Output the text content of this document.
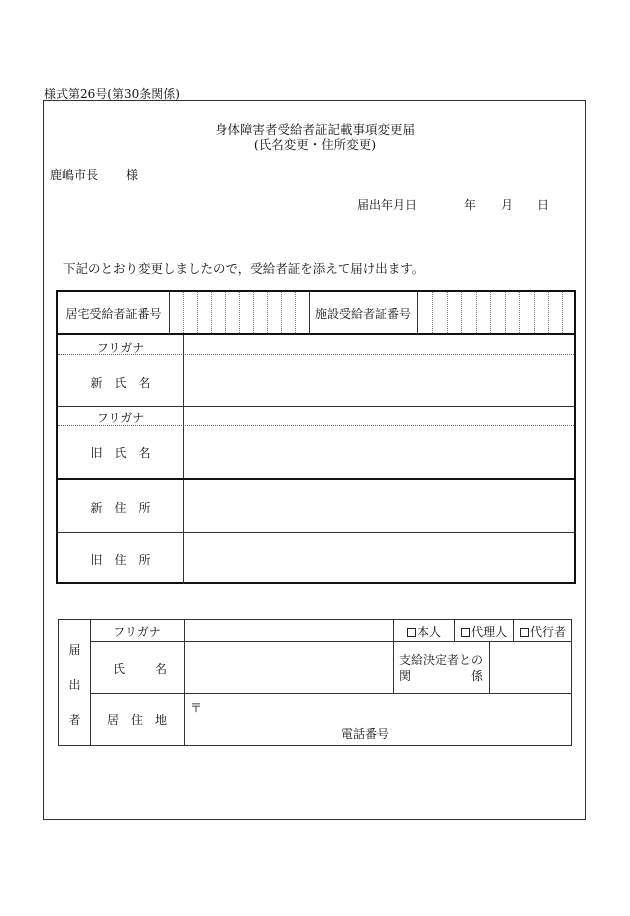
様式第26号(第30条関係)
身体障害者受給者証記載事項変更届
(氏名変更・住所変更)
鹿嶋市長 様
届出年月日	年 月 日
下記のとおり変更しましたので，受給者証を添えて届け出ます。
居宅受給者証番号	施設受給者証番号
フリガナ
新　氏　名
フリガナ
旧　氏　名
新　住　所
旧　住　所
届
出
者
フリガナ
氏 名
居　住　地
本人	代理人	代行者
支給決定者との
関	係
〒
電話番号
